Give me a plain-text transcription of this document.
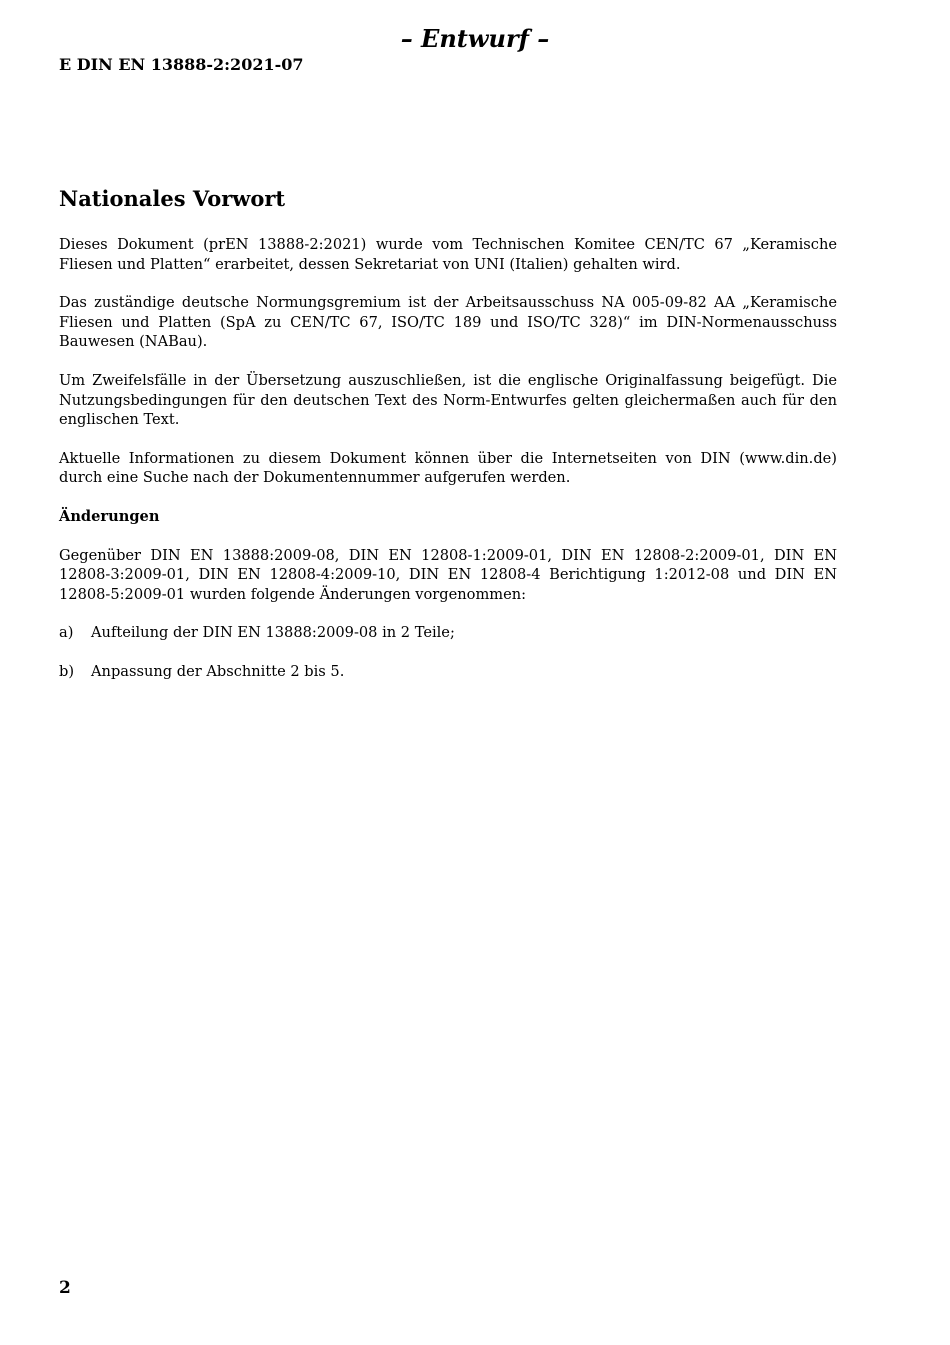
– Entwurf –
E DIN EN 13888-2:2021-07
Nationales Vorwort

Dieses Dokument (prEN 13888-2:2021) wurde vom Technischen Komitee CEN/TC 67 „Keramische Fliesen und Platten“ erarbeitet, dessen Sekretariat von UNI (Italien) gehalten wird.

Das zuständige deutsche Normungsgremium ist der Arbeitsausschuss NA 005-09-82 AA „Keramische Fliesen und Platten (SpA zu CEN/TC 67, ISO/TC 189 und ISO/TC 328)“ im DIN-Normenausschuss Bauwesen (NABau).

Um Zweifelsfälle in der Übersetzung auszuschließen, ist die englische Originalfassung beigefügt. Die Nutzungsbedingungen für den deutschen Text des Norm-Entwurfes gelten gleichermaßen auch für den englischen Text.

Aktuelle Informationen zu diesem Dokument können über die Internetseiten von DIN (www.din.de) durch eine Suche nach der Dokumentennummer aufgerufen werden.

Änderungen

Gegenüber DIN EN 13888:2009-08, DIN EN 12808-1:2009-01, DIN EN 12808-2:2009-01, DIN EN 12808-3:2009-01, DIN EN 12808-4:2009-10, DIN EN 12808-4 Berichtigung 1:2012-08 und DIN EN 12808-5:2009-01 wurden folgende Änderungen vorgenommen:

a)	Aufteilung der DIN EN 13888:2009-08 in 2 Teile;
b)	Anpassung der Abschnitte 2 bis 5.
2
